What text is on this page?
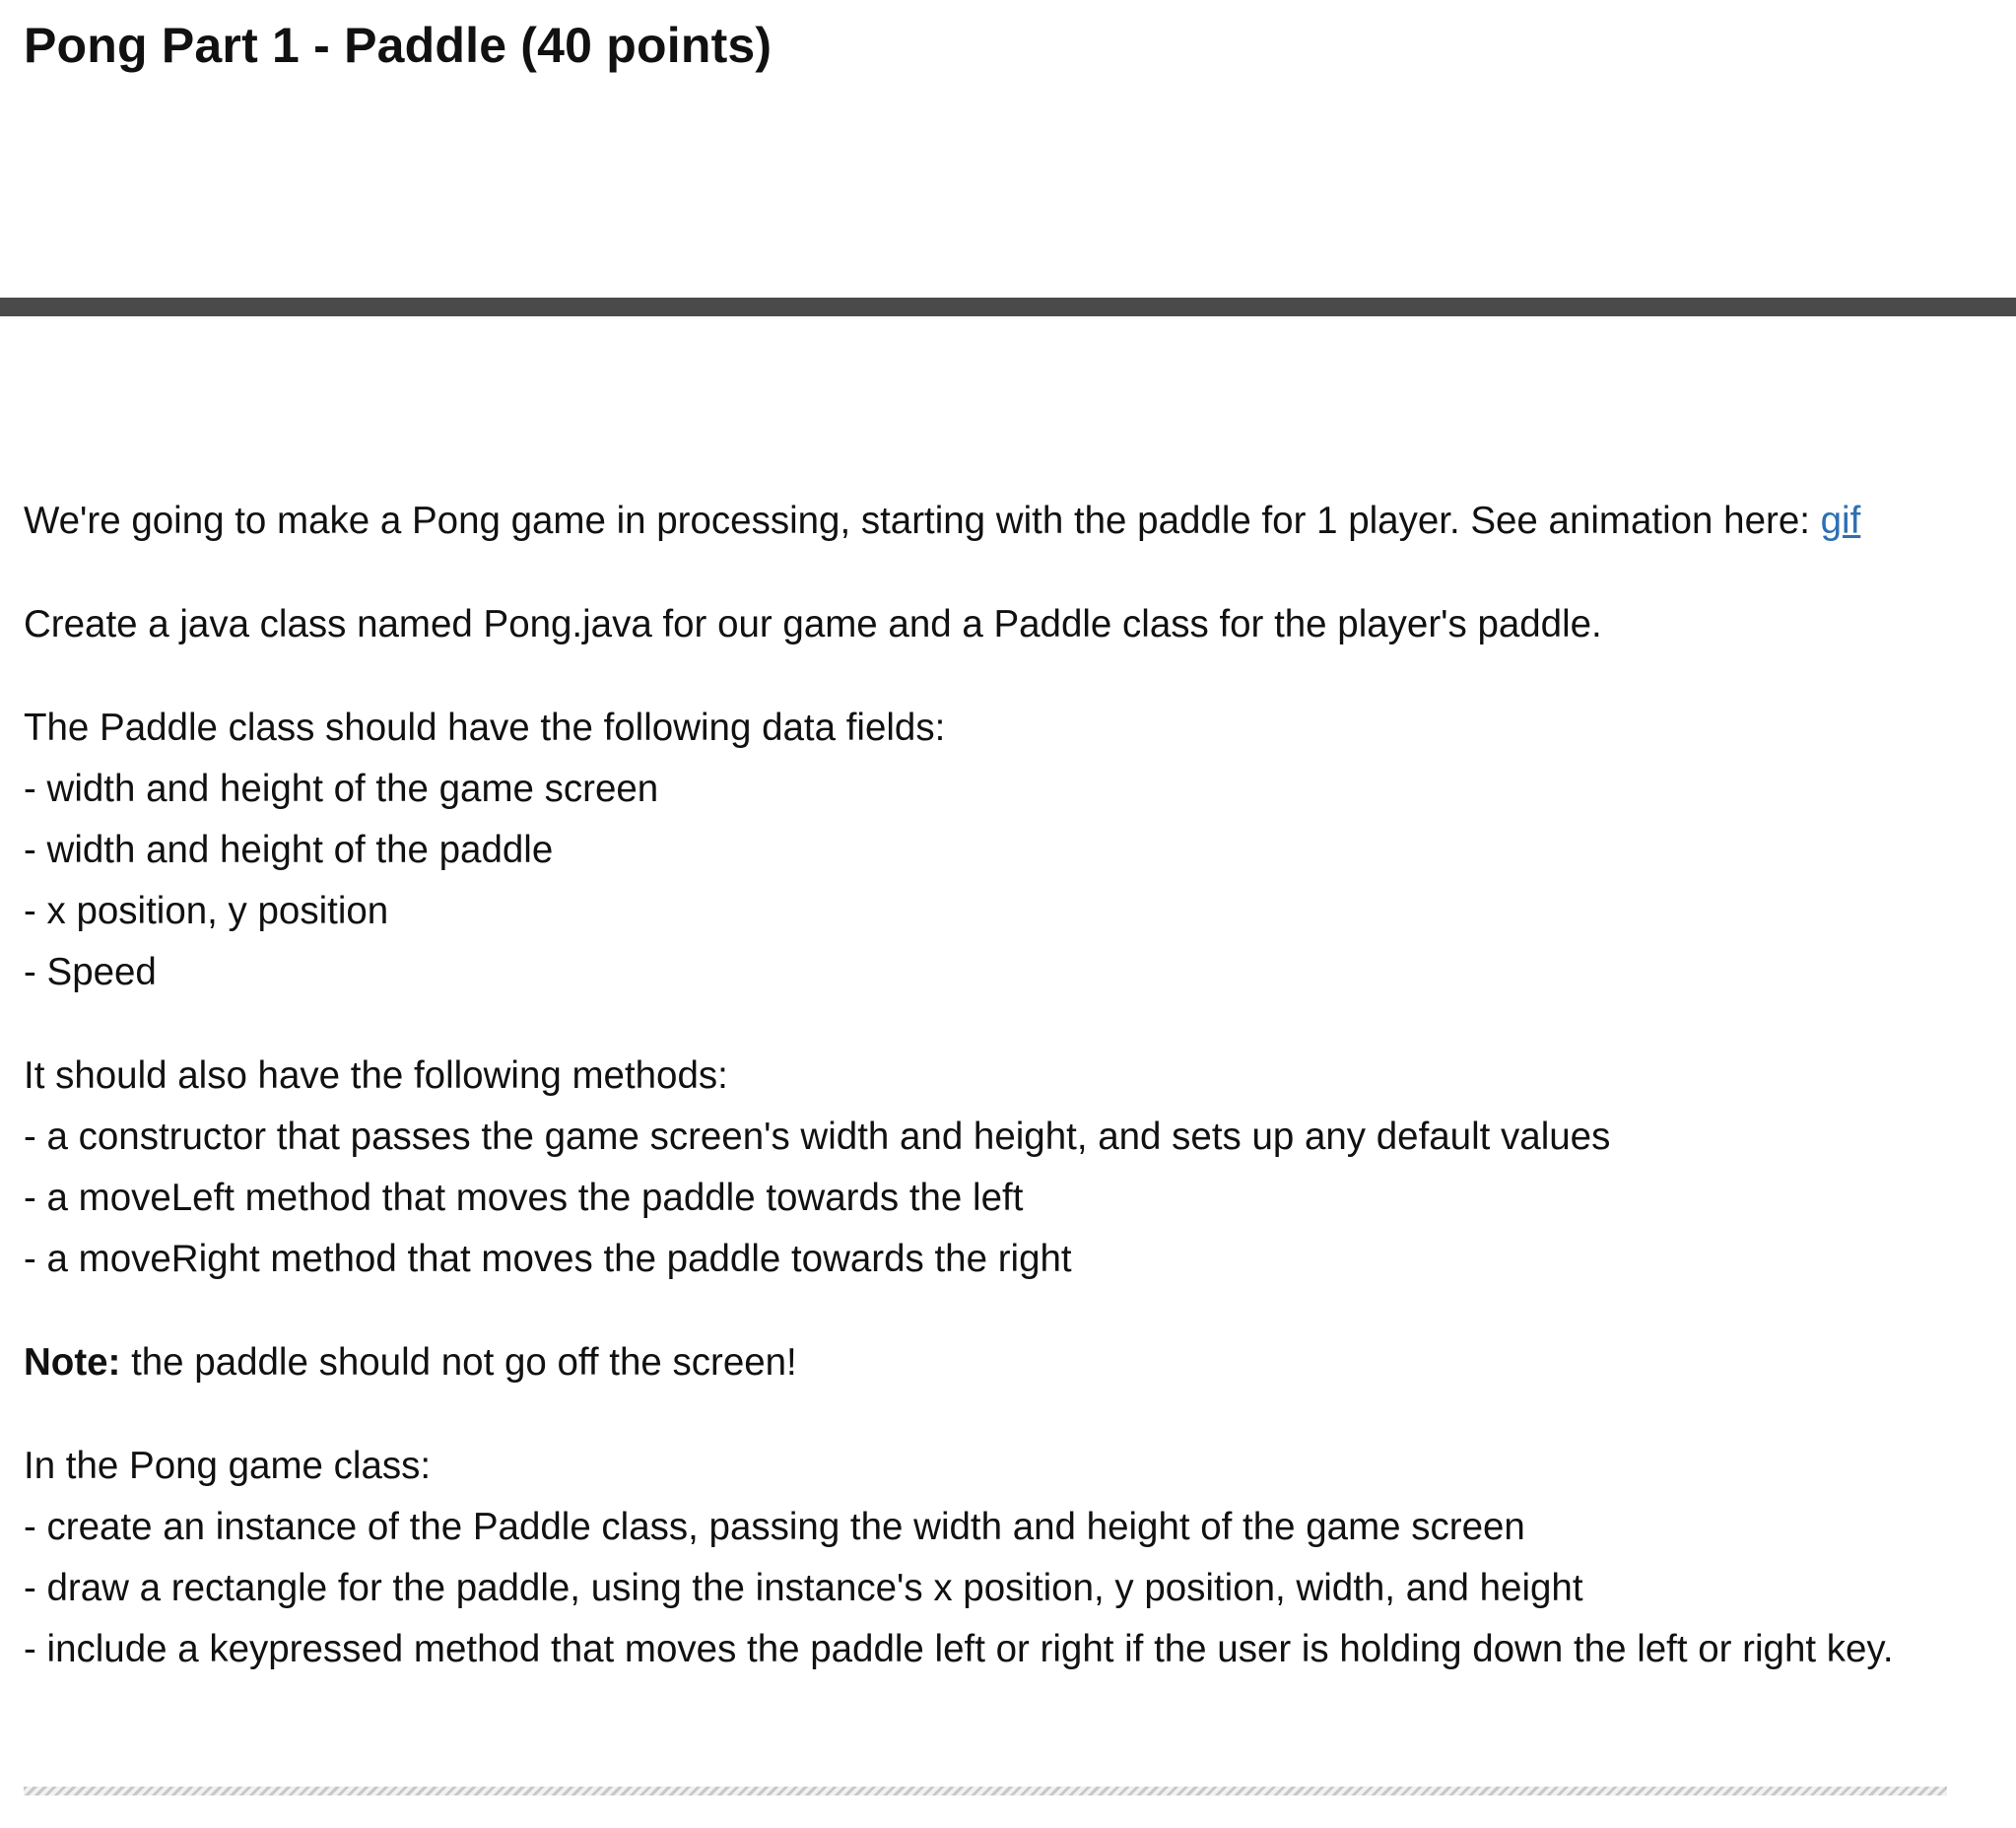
Pong Part 1 - Paddle (40 points)

We're going to make a Pong game in processing, starting with the paddle for 1 player. See animation here: gif

Create a java class named Pong.java for our game and a Paddle class for the player's paddle.

The Paddle class should have the following data fields:
- width and height of the game screen
- width and height of the paddle
- x position, y position
- Speed

It should also have the following methods:
- a constructor that passes the game screen's width and height, and sets up any default values
- a moveLeft method that moves the paddle towards the left
- a moveRight method that moves the paddle towards the right

Note: the paddle should not go off the screen!

In the Pong game class:
- create an instance of the Paddle class, passing the width and height of the game screen
- draw a rectangle for the paddle, using the instance's x position, y position, width, and height
- include a keypressed method that moves the paddle left or right if the user is holding down the left or right key.
